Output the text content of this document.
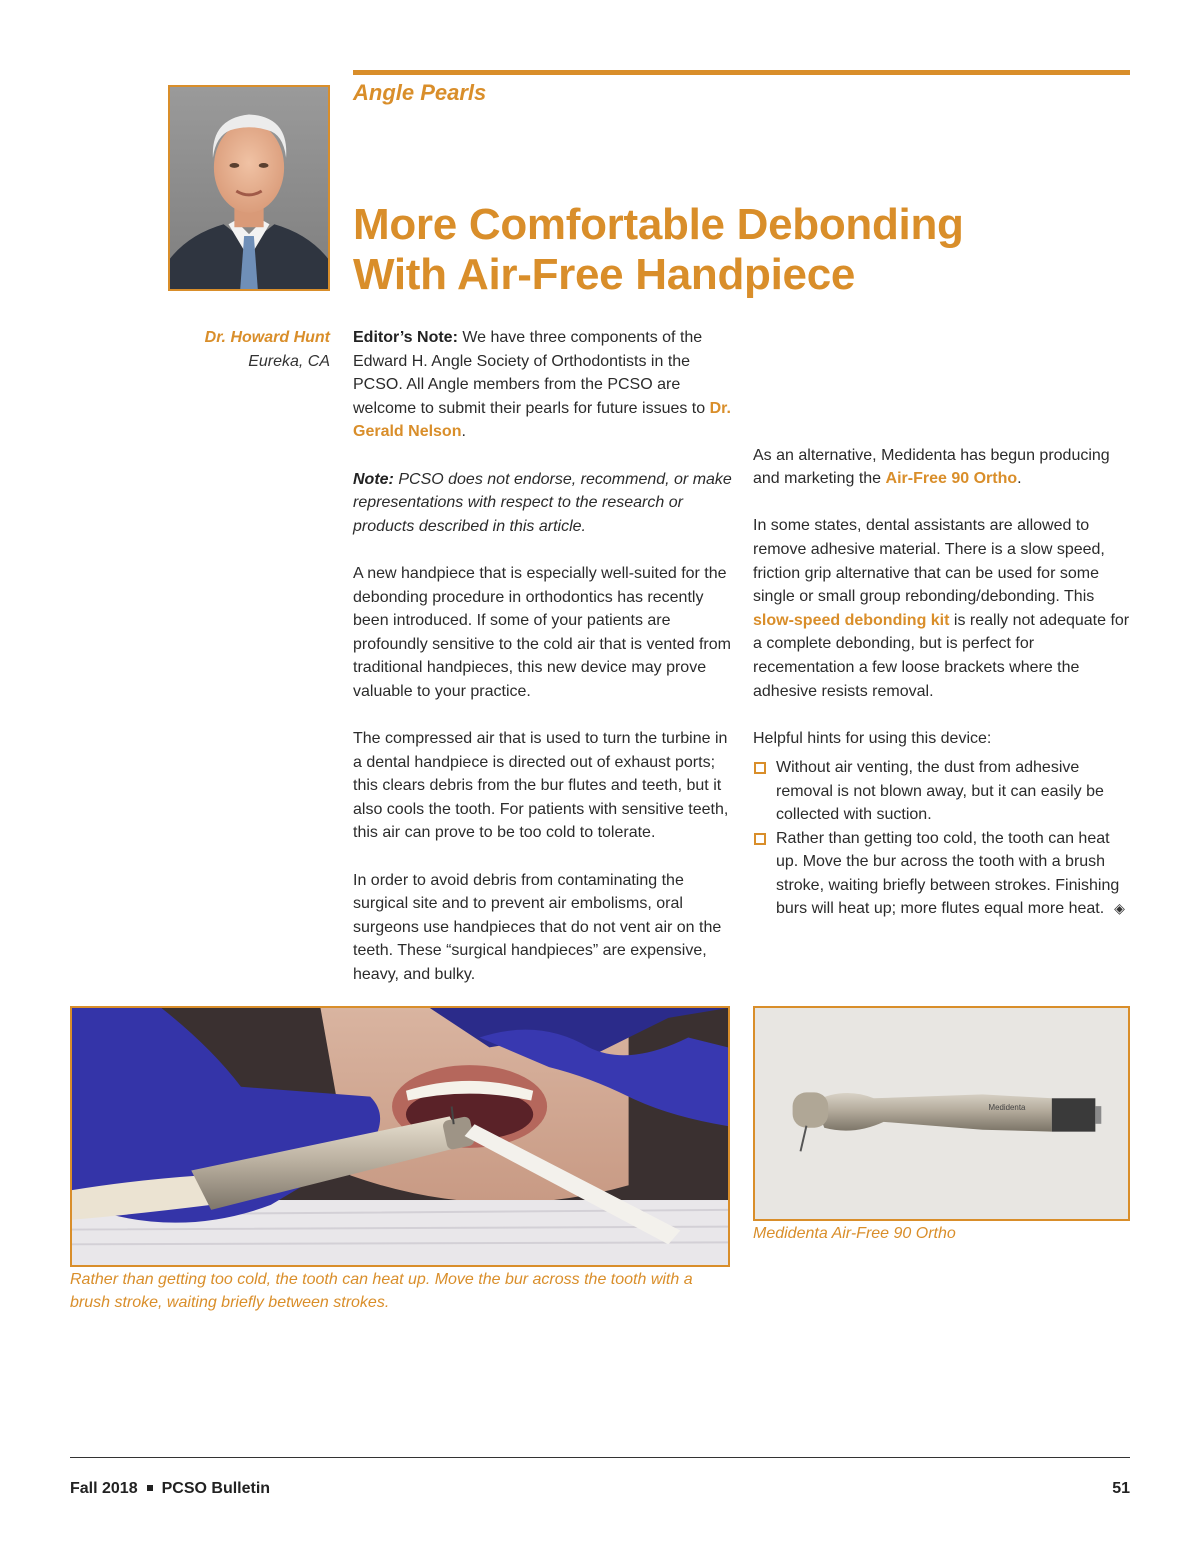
Angle Pearls
More Comfortable Debonding
With Air-Free Handpiece
Dr. Howard Hunt
Eureka, CA

Editor’s Note: We have three components of the Edward H. Angle Society of Orthodontists in the PCSO. All Angle members from the PCSO are welcome to submit their pearls for future issues to Dr. Gerald Nelson.

Note: PCSO does not endorse, recommend, or make representations with respect to the research or products described in this article.

A new handpiece that is especially well-suited for the debonding procedure in orthodontics has recently been introduced. If some of your patients are profoundly sensitive to the cold air that is vented from traditional handpieces, this new device may prove valuable to your practice.

The compressed air that is used to turn the turbine in a dental handpiece is directed out of exhaust ports; this clears debris from the bur flutes and teeth, but it also cools the tooth. For patients with sensitive teeth, this air can prove to be too cold to tolerate.

In order to avoid debris from contaminating the surgical site and to prevent air embolisms, oral surgeons use handpieces that do not vent air on the teeth. These “surgical handpieces” are expensive, heavy, and bulky.

As an alternative, Medidenta has begun producing and marketing the Air-Free 90 Ortho.

In some states, dental assistants are allowed to remove adhesive material. There is a slow speed, friction grip alternative that can be used for some single or small group rebonding/debonding. This slow-speed debonding kit is really not adequate for a complete debonding, but is perfect for recementation a few loose brackets where the adhesive resists removal.

Helpful hints for using this device:

Without air venting, the dust from adhesive removal is not blown away, but it can easily be collected with suction.
Rather than getting too cold, the tooth can heat up. Move the bur across the tooth with a brush stroke, waiting briefly between strokes. Finishing burs will heat up; more flutes equal more heat. ◈
Rather than getting too cold, the tooth can heat up. Move the bur across the tooth with a brush stroke, waiting briefly between strokes.
Medidenta
Medidenta Air-Free 90 Ortho
Fall 2018 PCSO Bulletin	51
